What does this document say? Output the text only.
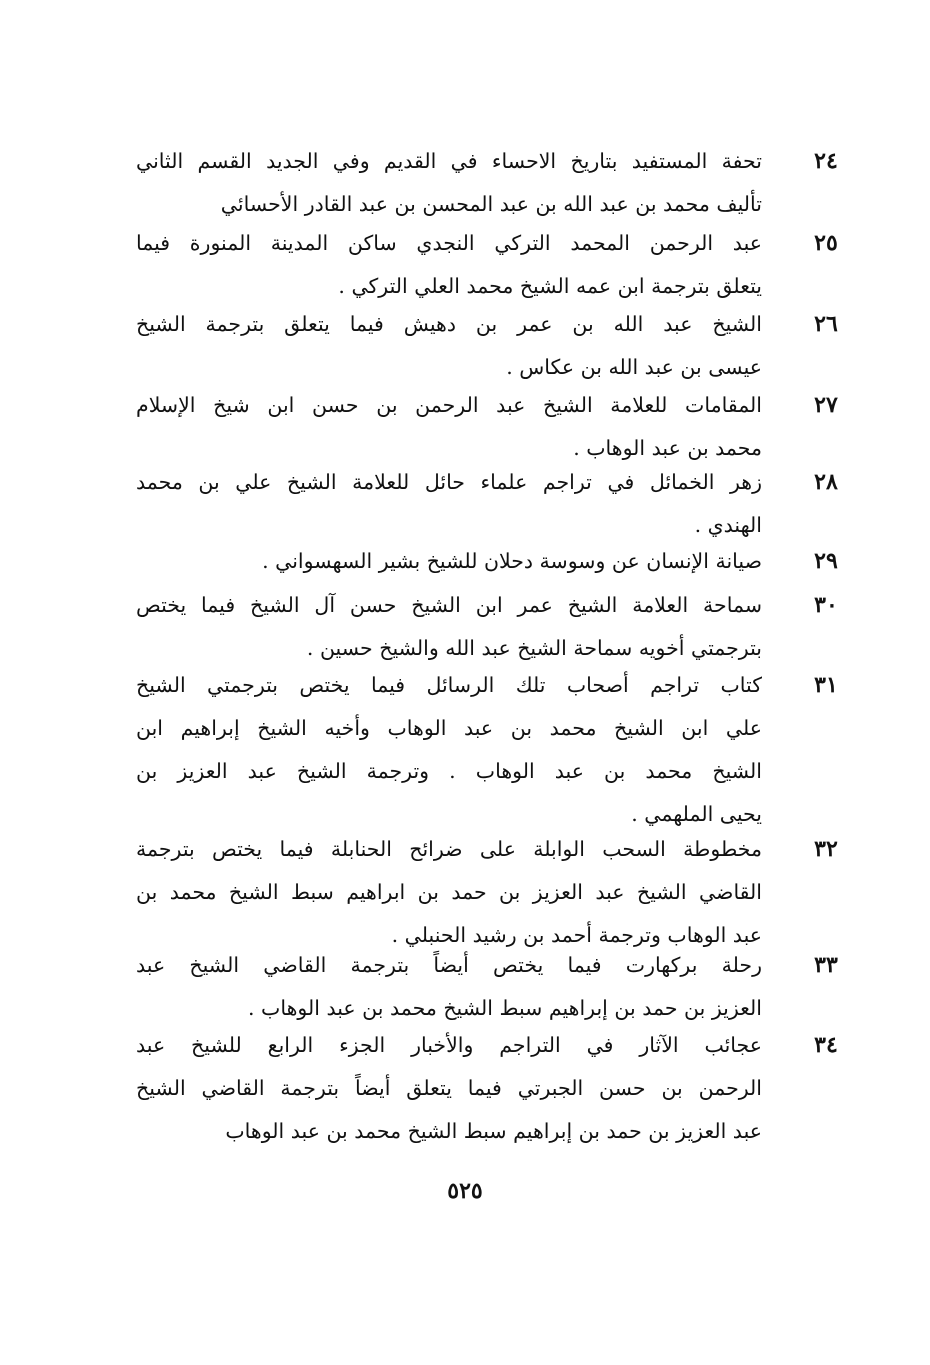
٢٤
تحفة المستفيد بتاريخ الاحساء في القديم وفي الجديد القسم الثاني
تأليف محمد بن عبد الله بن عبد المحسن بن عبد القادر الأحسائي
٢٥
عبد الرحمن المحمد التركي النجدي ساكن المدينة المنورة فيما
يتعلق بترجمة ابن عمه الشيخ محمد العلي التركي .
٢٦
الشيخ عبد الله بن عمر بن دهيش فيما يتعلق بترجمة الشيخ
عيسى بن عبد الله بن عكاس .
٢٧
المقامات للعلامة الشيخ عبد الرحمن بن حسن ابن شيخ الإسلام
محمد بن عبد الوهاب .
٢٨
زهر الخمائل في تراجم علماء حائل للعلامة الشيخ علي بن محمد
الهندي .
٢٩
صيانة الإنسان عن وسوسة دحلان للشيخ بشير السهسواني .
٣٠
سماحة العلامة الشيخ عمر ابن الشيخ حسن آل الشيخ فيما يختص
بترجمتي أخويه سماحة الشيخ عبد الله والشيخ حسين .
٣١
كتاب تراجم أصحاب تلك الرسائل فيما يختص بترجمتي الشيخ
علي ابن الشيخ محمد بن عبد الوهاب وأخيه الشيخ إبراهيم ابن
الشيخ محمد بن عبد الوهاب . وترجمة الشيخ عبد العزيز بن
يحيى الملهمي .
٣٢
مخطوطة السحب الوابلة على ضرائح الحنابلة فيما يختص بترجمة
القاضي الشيخ عبد العزيز بن حمد بن ابراهيم سبط الشيخ محمد بن
عبد الوهاب وترجمة أحمد بن رشيد الحنبلي .
٣٣
رحلة بركهارت فيما يختص أيضاً بترجمة القاضي الشيخ عبد
العزيز بن حمد بن إبراهيم سبط الشيخ محمد بن عبد الوهاب .
٣٤
عجائب الآثار في التراجم والأخبار الجزء الرابع للشيخ عبد
الرحمن بن حسن الجبرتي فيما يتعلق أيضاً بترجمة القاضي الشيخ
عبد العزيز بن حمد بن إبراهيم سبط الشيخ محمد بن عبد الوهاب
٥٢٥
